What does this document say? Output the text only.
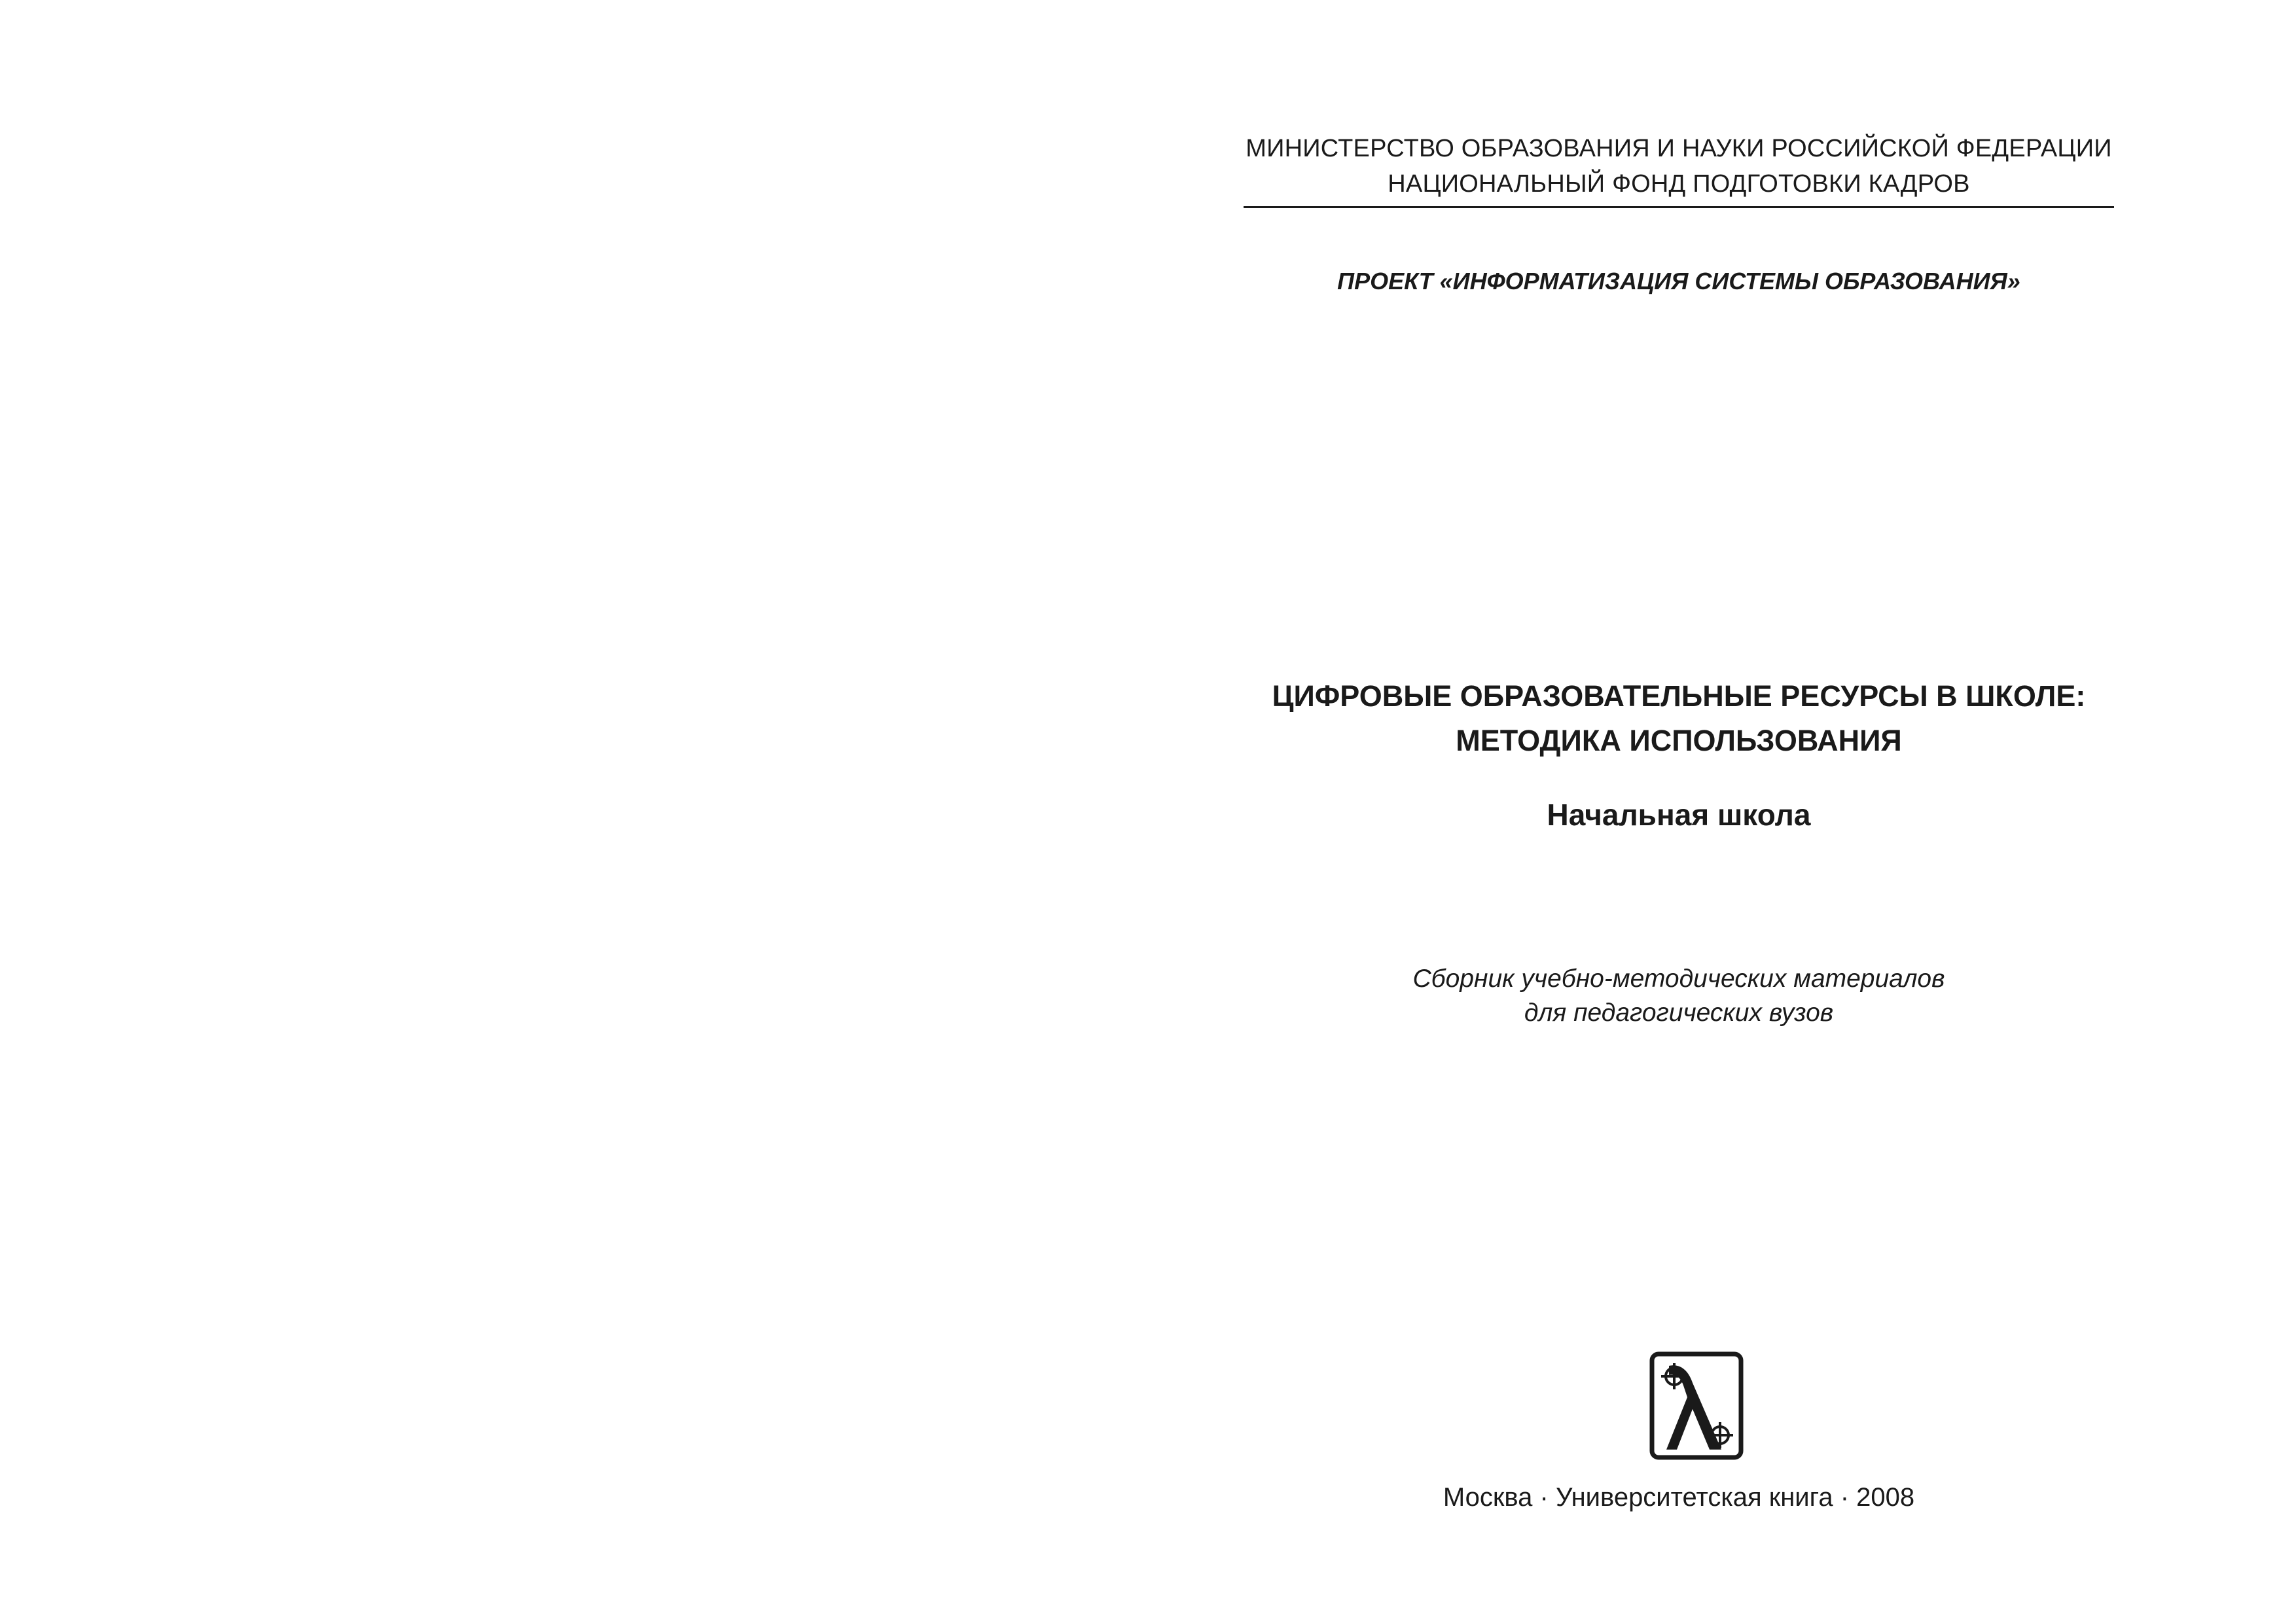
МИНИСТЕРСТВО ОБРАЗОВАНИЯ И НАУКИ РОССИЙСКОЙ ФЕДЕРАЦИИ
НАЦИОНАЛЬНЫЙ ФОНД ПОДГОТОВКИ КАДРОВ
ПРОЕКТ «ИНФОРМАТИЗАЦИЯ СИСТЕМЫ ОБРАЗОВАНИЯ»
ЦИФРОВЫЕ ОБРАЗОВАТЕЛЬНЫЕ РЕСУРСЫ В ШКОЛЕ:
МЕТОДИКА ИСПОЛЬЗОВАНИЯ
Начальная школа
Сборник учебно-методических материалов
для педагогических вузов
Москва · Университетская книга · 2008
